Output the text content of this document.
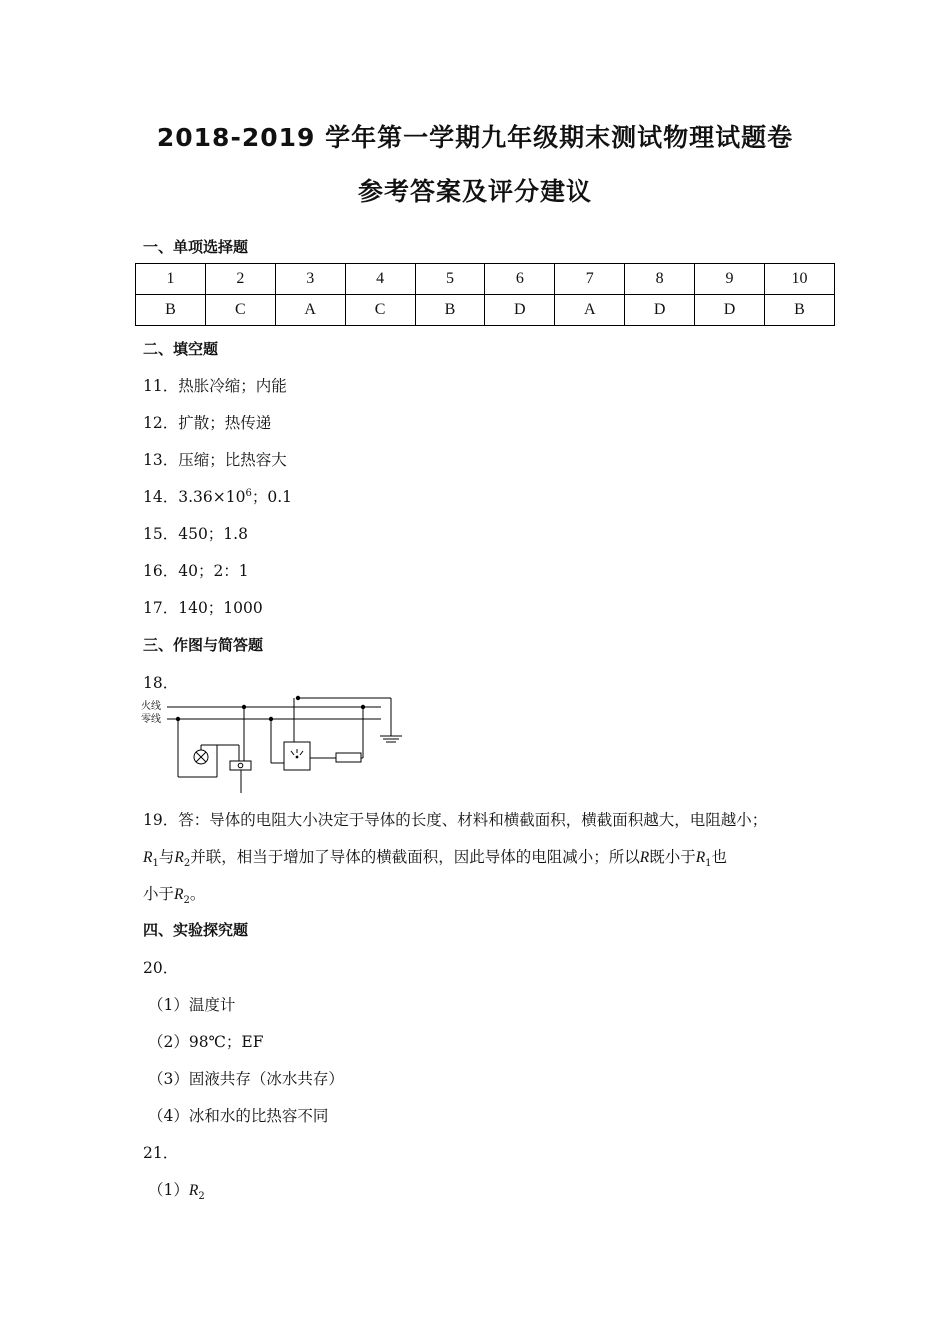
2018-2019 学年第一学期九年级期末测试物理试题卷
参考答案及评分建议
一、单项选择题
1	2	3	4	5	6	7	8	9	10
B	C	A	C	B	D	A	D	D	B
二、填空题
11．热胀冷缩；内能
12．扩散；热传递
13．压缩；比热容大
14．$3.36\times 10^6$；0.1
15．450；1.8
16．40；2：1
17．140；1000
三、作图与简答题
18．
火线
零线
19．答：导体的电阻大小决定于导体的长度、材料和横截面积，横截面积越大，电阻越小；
$R_1$与$R_2$并联，相当于增加了导体的横截面积，因此导体的电阻减小；所以R既小于$R_1$也
小于$R_2$。
四、实验探究题
20．
（1）温度计
（2）98℃；EF
（3）固液共存（冰水共存）
（4）冰和水的比热容不同
21．
$(1)R_2$
